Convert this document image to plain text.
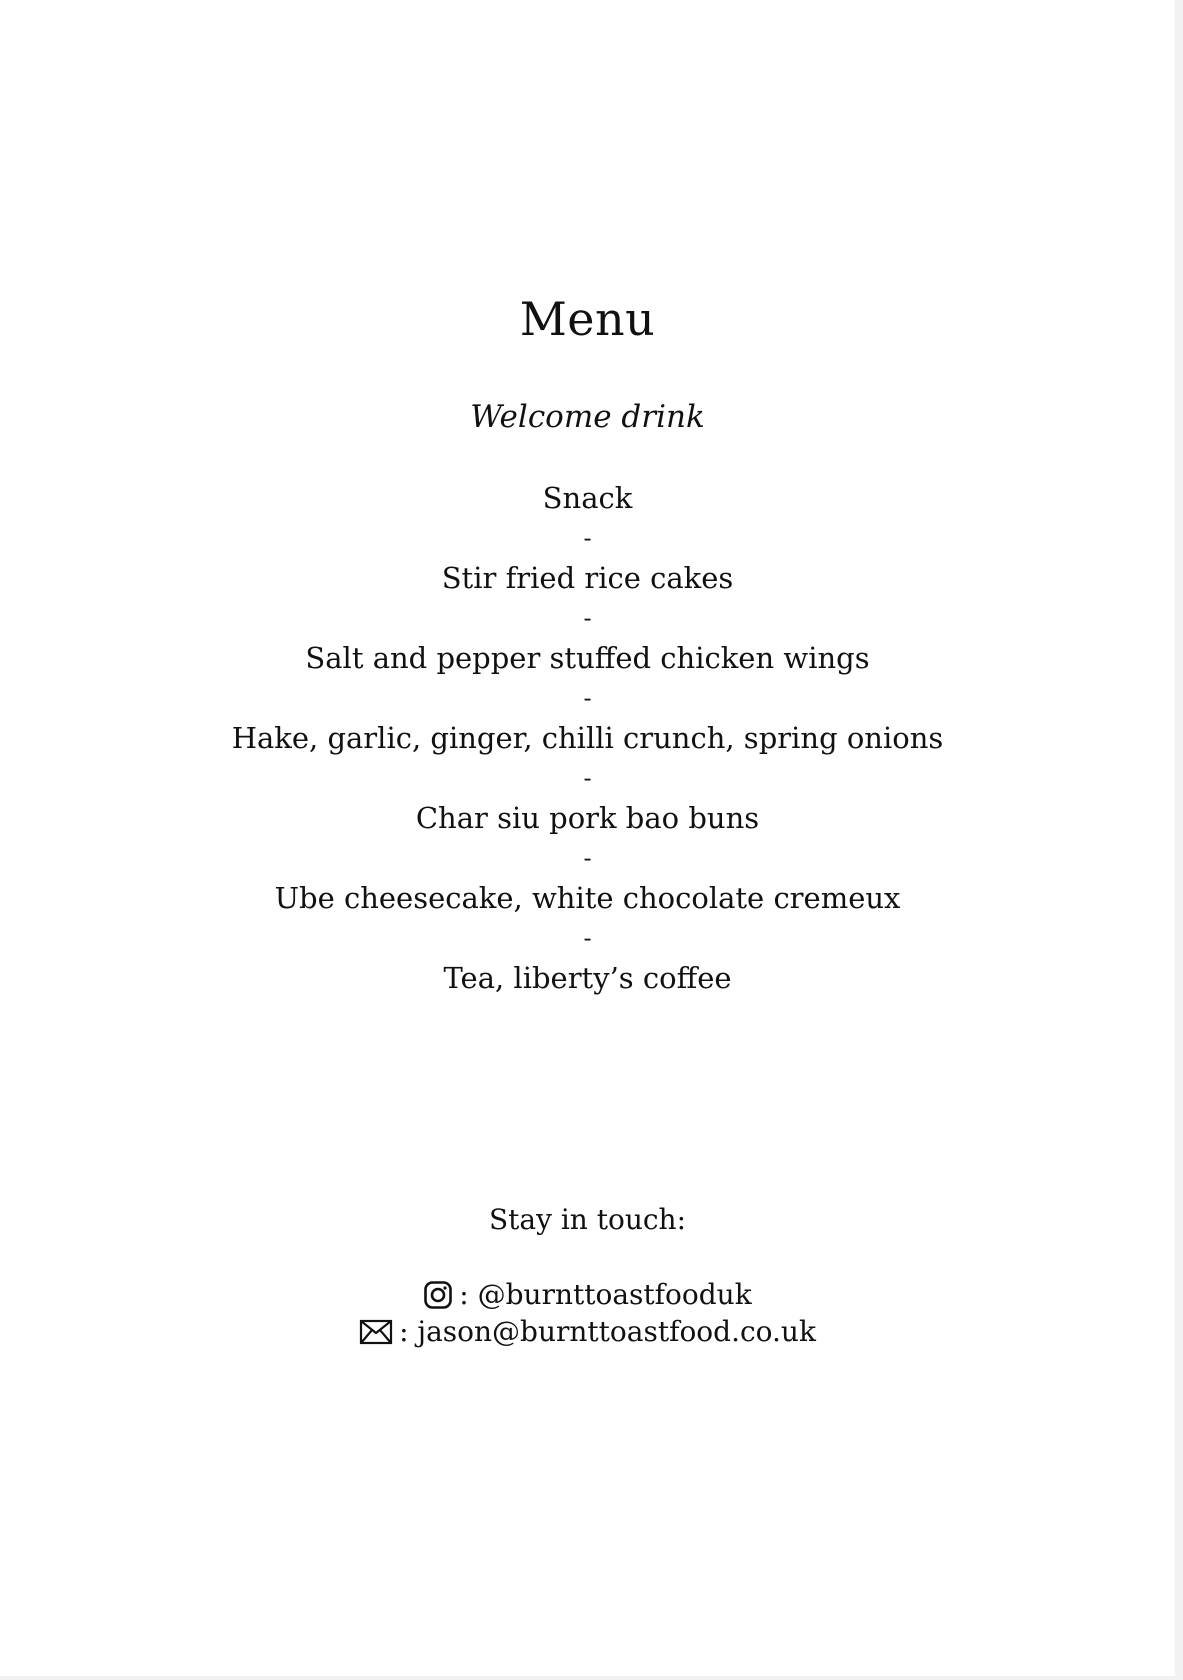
Menu
Welcome drink
Snack
-
Stir fried rice cakes
-
Salt and pepper stuffed chicken wings
-
Hake, garlic, ginger, chilli crunch, spring onions
-
Char siu pork bao buns
-
Ube cheesecake, white chocolate cremeux
-
Tea, liberty’s coffee
Stay in touch:
: @burnttoastfooduk
: jason@burnttoastfood.co.uk
